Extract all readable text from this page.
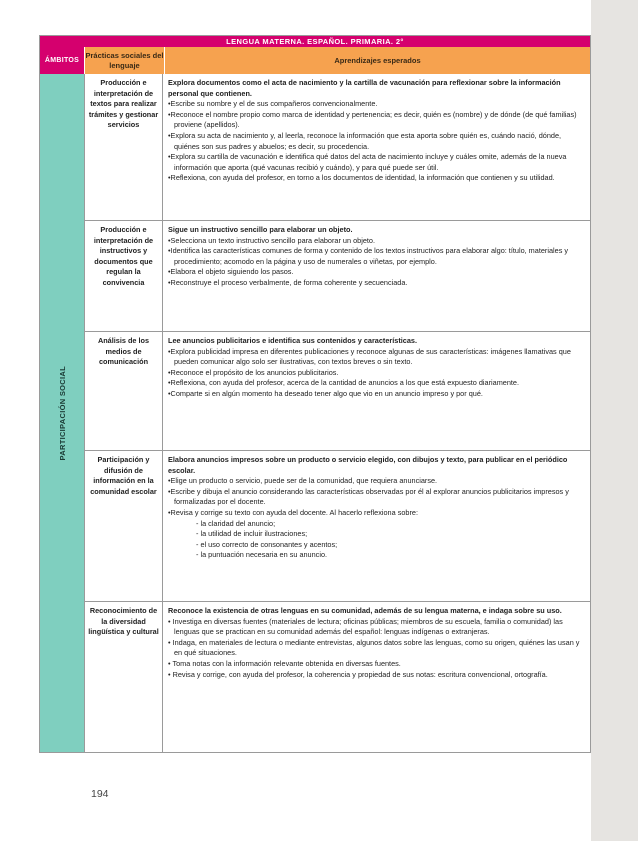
LENGUA MATERNA. ESPAÑOL. PRIMARIA. 2°
ÁMBITOS
Prácticas sociales del lenguaje	Aprendizajes esperados
PARTICIPACIÓN SOCIAL
Producción e interpretación de textos para realizar trámites y gestionar servicios
Explora documentos como el acta de nacimiento y la cartilla de vacunación para reflexionar sobre la información personal que contienen.
•Escribe su nombre y el de sus compañeros convencionalmente.
•Reconoce el nombre propio como marca de identidad y pertenencia; es decir, quién es (nombre) y de dónde (de qué familias) proviene (apellidos).
•Explora su acta de nacimiento y, al leerla, reconoce la información que esta aporta sobre quién es, cuándo nació, dónde, quiénes son sus padres y abuelos; es decir, su procedencia.
•Explora su cartilla de vacunación e identifica qué datos del acta de nacimiento incluye y cuáles omite, además de la nueva información que aporta (qué vacunas recibió y cuándo), y para qué puede ser útil.
•Reflexiona, con ayuda del profesor, en torno a los documentos de identidad, la información que contienen y su utilidad.
Producción e interpretación de instructivos y documentos que regulan la convivencia
Sigue un instructivo sencillo para elaborar un objeto.
•Selecciona un texto instructivo sencillo para elaborar un objeto.
•Identifica las características comunes de forma y contenido de los textos instructivos para elaborar algo: título, materiales y procedimiento; acomodo en la página y uso de numerales o viñetas, por ejemplo.
•Elabora el objeto siguiendo los pasos.
•Reconstruye el proceso verbalmente, de forma coherente y secuenciada.
Análisis de los medios de comunicación
Lee anuncios publicitarios e identifica sus contenidos y características.
•Explora publicidad impresa en diferentes publicaciones y reconoce algunas de sus características: imágenes llamativas que pueden comunicar algo solo ser ilustrativas, con textos breves o sin texto.
•Reconoce el propósito de los anuncios publicitarios.
•Reflexiona, con ayuda del profesor, acerca de la cantidad de anuncios a los que está expuesto diariamente.
•Comparte si en algún momento ha deseado tener algo que vio en un anuncio impreso y por qué.
Participación y difusión de información en la comunidad escolar
Elabora anuncios impresos sobre un producto o servicio elegido, con dibujos y texto, para publicar en el periódico escolar.
•Elige un producto o servicio, puede ser de la comunidad, que requiera anunciarse.
•Escribe y dibuja el anuncio considerando las características observadas por él al explorar anuncios publicitarios impresos y formalizadas por el docente.
•Revisa y corrige su texto con ayuda del docente. Al hacerlo reflexiona sobre:
- la claridad del anuncio;
- la utilidad de incluir ilustraciones;
- el uso correcto de consonantes y acentos;
- la puntuación necesaria en su anuncio.
Reconocimiento de la diversidad lingüística y cultural
Reconoce la existencia de otras lenguas en su comunidad, además de su lengua materna, e indaga sobre su uso.
• Investiga en diversas fuentes (materiales de lectura; oficinas públicas; miembros de su escuela, familia o comunidad) las lenguas que se practican en su comunidad además del español: lenguas indígenas o extranjeras.
• Indaga, en materiales de lectura o mediante entrevistas, algunos datos sobre las lenguas, como su origen, quiénes las usan y en qué situaciones.
• Toma notas con la información relevante obtenida en diversas fuentes.
• Revisa y corrige, con ayuda del profesor, la coherencia y propiedad de sus notas: escritura convencional, ortografía.
194
